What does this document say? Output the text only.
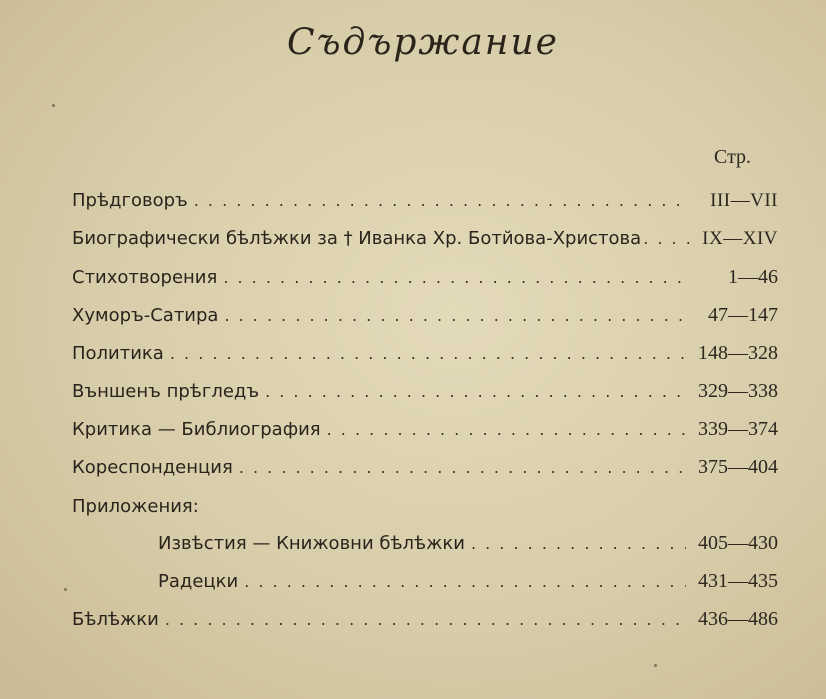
Съдържание
Стр.
Прѣдговоръ . . .	III—VII
Биографически бѣлѣжки за † Иванка Хр. Ботйова-Христова . . .	IX—XIV
Стихотворения . . .	1—46
Хуморъ-Сатира . . .	47—147
Политика . . .	148—328
Външенъ прѣгледъ . . .	329—338
Критика — Библиография . . .	339—374
Кореспонденция . . .	375—404
Приложения:
Извѣстия — Книжовни бѣлѣжки . . .	405—430
Радецки . . .	431—435
Бѣлѣжки . . .	436—486
